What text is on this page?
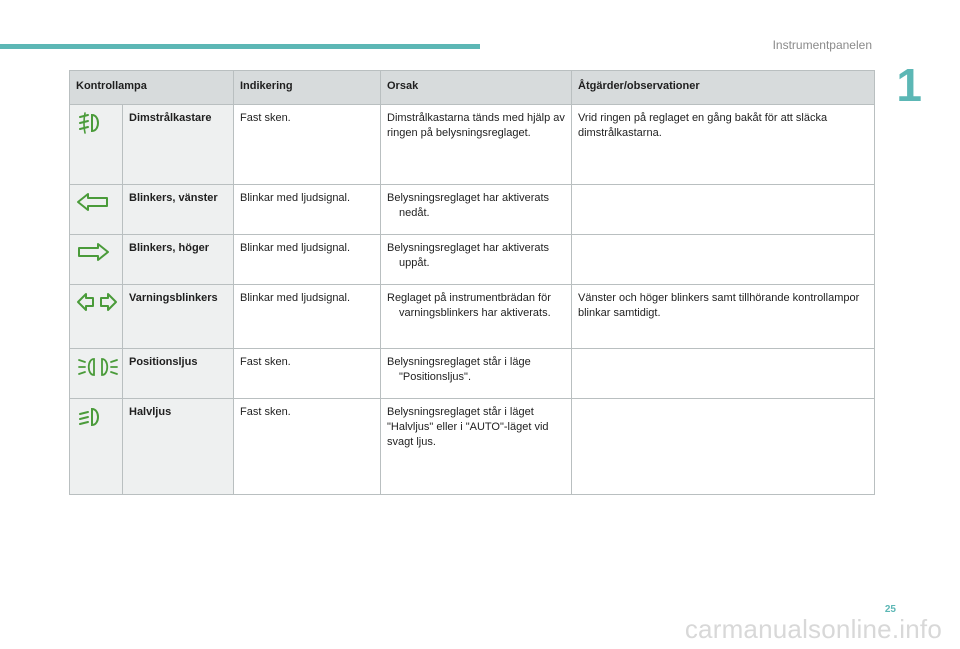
Instrumentpanelen
1
Kontrollampa		Indikering	Orsak	Åtgärder/observationer
	Dimstrålkastare	Fast sken.	Dimstrålkastarna tänds med hjälp av ringen på belysningsreglaget.	Vrid ringen på reglaget en gång bakåt för att släcka dimstrålkastarna.
	Blinkers, vänster	Blinkar med ljudsignal.	Belysningsreglaget har aktiverats nedåt.	

	Blinkers, höger	Blinkar med ljudsignal.	Belysningsreglaget har aktiverats uppåt.	

	Varningsblinkers	Blinkar med ljudsignal.	Reglaget på instrumentbrädan för varningsblinkers har aktiverats.	Vänster och höger blinkers samt tillhörande kontrollampor blinkar samtidigt.
	Positionsljus	Fast sken.	Belysningsreglaget står i läge "Positionsljus".	

	Halvljus	Fast sken.	Belysningsreglaget står i läget "Halvljus" eller i "AUTO"-läget vid svagt ljus.	

25
carmanualsonline.info
